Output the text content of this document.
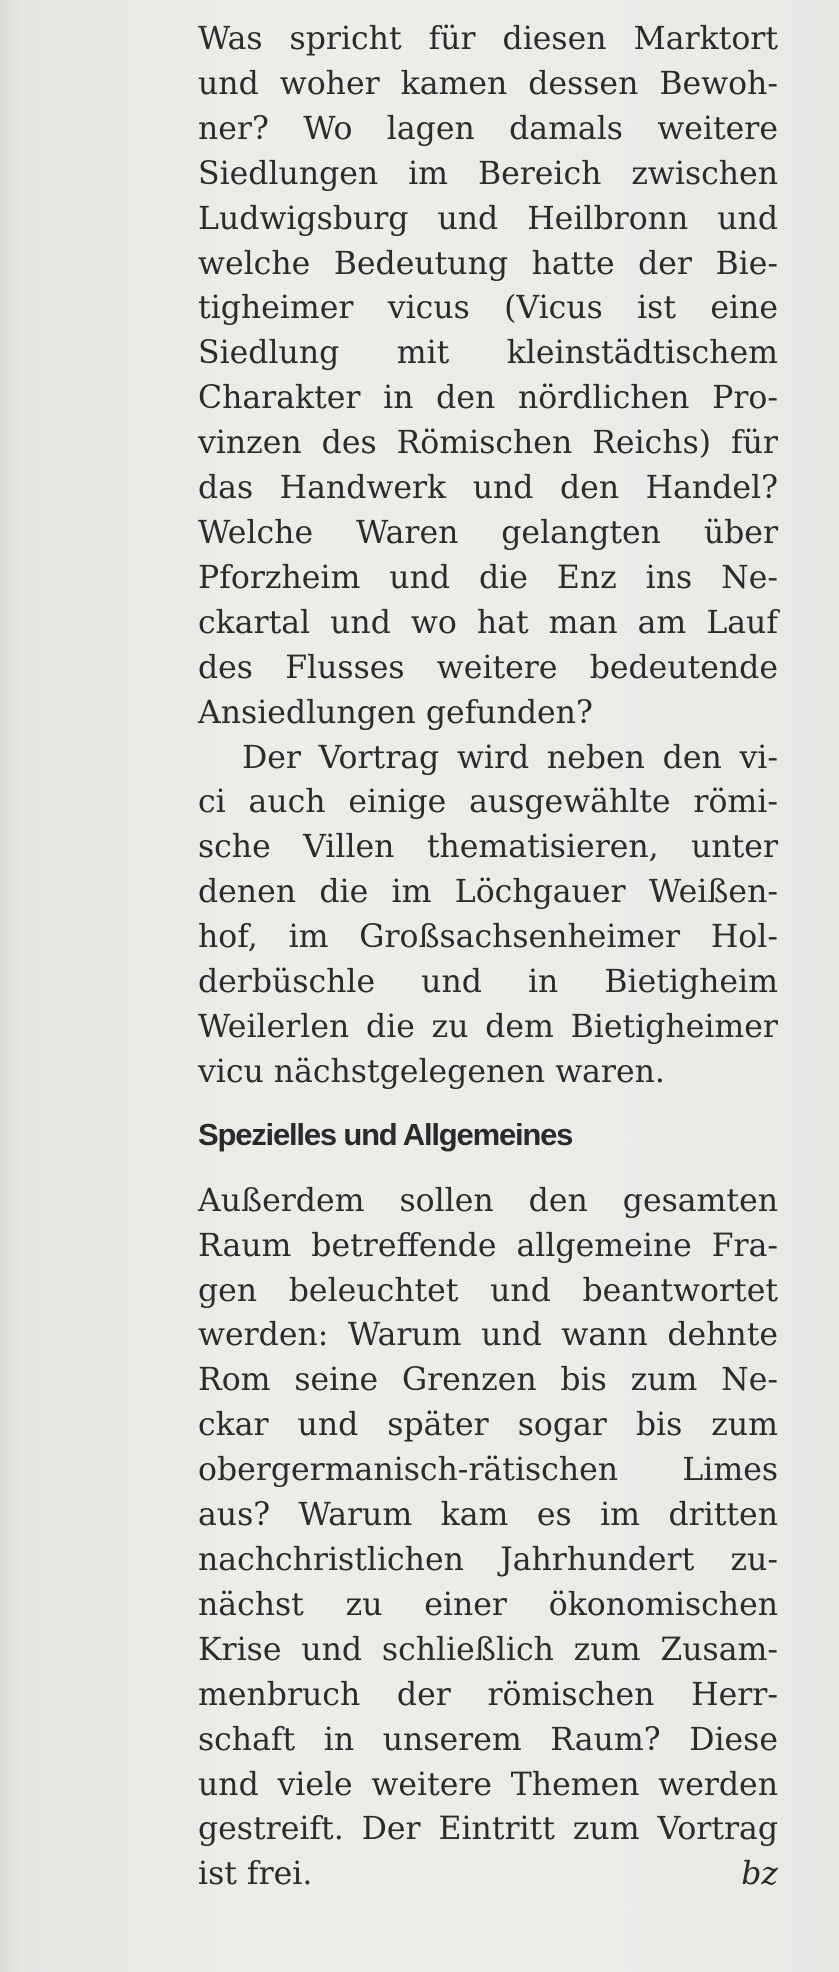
Was spricht für diesen Marktort
und woher kamen dessen Bewoh-
ner? Wo lagen damals weitere
Siedlungen im Bereich zwischen
Ludwigsburg und Heilbronn und
welche Bedeutung hatte der Bie-
tigheimer vicus (Vicus ist eine
Siedlung mit kleinstädtischem
Charakter in den nördlichen Pro-
vinzen des Römischen Reichs) für
das Handwerk und den Handel?
Welche Waren gelangten über
Pforzheim und die Enz ins Ne-
ckartal und wo hat man am Lauf
des Flusses weitere bedeutende
Ansiedlungen gefunden?

Der Vortrag wird neben den vi-
ci auch einige ausgewählte römi-
sche Villen thematisieren, unter
denen die im Löchgauer Weißen-
hof, im Großsachsenheimer Hol-
derbüschle und in Bietigheim
Weilerlen die zu dem Bietigheimer
vicu nächstgelegenen waren.

Spezielles und Allgemeines

Außerdem sollen den gesamten
Raum betreffende allgemeine Fra-
gen beleuchtet und beantwortet
werden: Warum und wann dehnte
Rom seine Grenzen bis zum Ne-
ckar und später sogar bis zum
obergermanisch-rätischen Limes
aus? Warum kam es im dritten
nachchristlichen Jahrhundert zu-
nächst zu einer ökonomischen
Krise und schließlich zum Zusam-
menbruch der römischen Herr-
schaft in unserem Raum? Diese
und viele weitere Themen werden
gestreift. Der Eintritt zum Vortrag

ist frei.	bz
